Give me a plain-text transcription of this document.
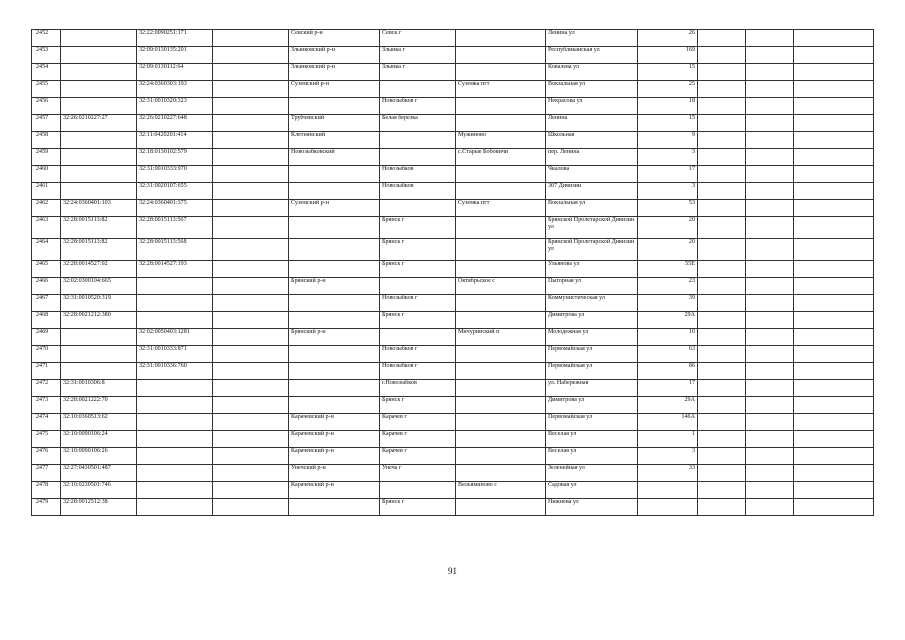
2452		32:22:0090251:171		Севский р-н	Севск г		Ленина ул	26			
2453		32:09:0130135:201		Злынковский р-н	Злынка г		Республиканская ул	169			
2454		32:09:0130112:64		Злынковский р-н	Злынка г		Ковалева ул	15			
2455		32:24:0360303:193		Суземский р-н		Суземка пгт	Вокзальная ул	25			
2456		32:31:0010320:323			Новозыбков г		Некрасова ул	18			
2457	32:26:0210227:27	32:26:0210227:648		Трубчевский	Белая березка		Ленина	15			
2458		32:11:0420201:414		Клетнянский		Мужиново	Школьная	9			
2459		32:18:0130102:579		Новозыбковский		с.Старые Бобовичи	пер. Ленина	3			
2460		32:31:0010333:970			Новозыбков		Чкалова	17			
2461		32:31:0020107:655			Новозыбков		307 Дивизии	3			
2462	32:24:0360401:103	32:24:0360401:375		Суземский р-н		Суземка пгт	Вокзальная ул	53			
2463	32:28:0015113:82	32:28:0015113:567			Брянск г		Брянской Пролетарской Дивизии ул	20			
2464	32:28:0015113:82	32:28:0015113:568			Брянск г		Брянской Пролетарской Дивизии ул	20			
2465	32:28:0014527:92	32:28:0014527:193			Брянск г		Ульянова ул	55Е			
2466	32:02:0300104:665			Брянский р-н		Октябрьское с	Пыгорная ул	23			
2467	32:31:0010520:319				Новозыбков г		Коммунистическая ул	39			
2468	32:28:0021212:380				Брянск г		Димитрова ул	29А			
2469		32:02:0050403:1281		Брянский р-н		Мичуринский п	Молодежная ул	10			
2470		32:31:0010333:871			Новозыбков г		Первомайская ул	63			
2471		32:31:0010336:760			Новозыбков г		Первомайская ул	86			
2472	32:31:0010306:8				г.Новозыбков		ул. Набережная	17			
2473	32:28:0021222:70				Брянск г		Димитрова ул	29А			
2474	32:10:0360513:62			Карачевский р-н	Карачев г		Первомайская ул	146А			
2475	32:10:0090106:24			Карачевский р-н	Карачев г		Веселая ул	1			
2476	32:10:0090106:26			Карачевский р-н	Карачев г		Веселая ул	3			
2477	32:27:0430501:487			Унечский р-н	Унеча г		Зеленейная ул	33			
2478	32:10:0230501:746			Карачевский р-н		Вельяминово с	Садовая ул				
2479	32:28:0012512:38				Брянск г		Нижнева ул				
91
